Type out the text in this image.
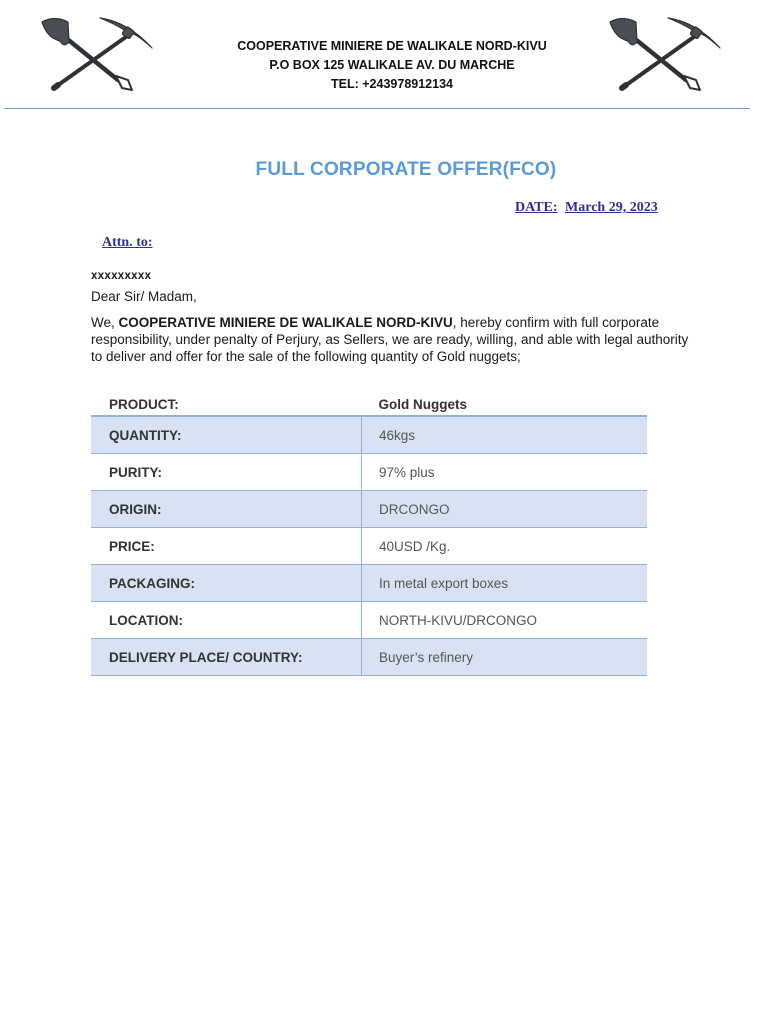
COOPERATIVE MINIERE DE WALIKALE NORD-KIVU
P.O BOX 125 WALIKALE AV. DU MARCHE
TEL: +243978912134
FULL CORPORATE OFFER(FCO)
DATE: March 29, 2023
Attn. to:
xxxxxxxxx
Dear Sir/ Madam,
We, COOPERATIVE MINIERE DE WALIKALE NORD-KIVU, hereby confirm with full corporate responsibility, under penalty of Perjury, as Sellers, we are ready, willing, and able with legal authority to deliver and offer for the sale of the following quantity of Gold nuggets;
PRODUCT:	Gold Nuggets
QUANTITY:	46kgs
PURITY:	97% plus
ORIGIN:	DRCONGO
PRICE:	40USD /Kg.
PACKAGING:	In metal export boxes
LOCATION:	NORTH-KIVU/DRCONGO
DELIVERY PLACE/ COUNTRY:	Buyer’s refinery
